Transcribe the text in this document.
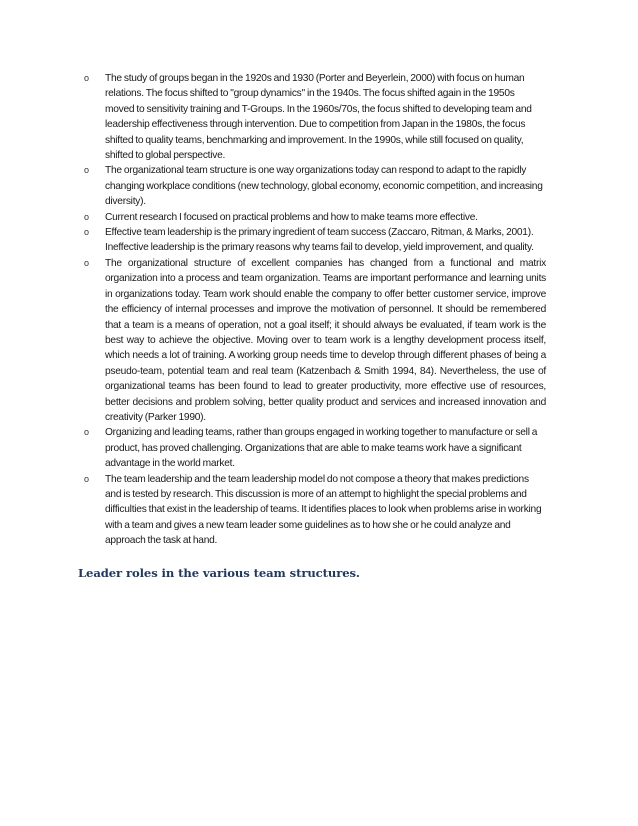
o The study of groups began in the 1920s and 1930 (Porter and Beyerlein, 2000) with focus on human relations. The focus shifted to "group dynamics" in the 1940s. The focus shifted again in the 1950s moved to sensitivity training and T-Groups. In the 1960s/70s, the focus shifted to developing team and leadership effectiveness through intervention. Due to competition from Japan in the 1980s, the focus shifted to quality teams, benchmarking and improvement. In the 1990s, while still focused on quality, shifted to global perspective.
o The organizational team structure is one way organizations today can respond to adapt to the rapidly changing workplace conditions (new technology, global economy, economic competition, and increasing diversity).
o Current research I focused on practical problems and how to make teams more effective.
o Effective team leadership is the primary ingredient of team success (Zaccaro, Ritman, & Marks, 2001). Ineffective leadership is the primary reasons why teams fail to develop, yield improvement, and quality.
o The organizational structure of excellent companies has changed from a functional and matrix organization into a process and team organization. Teams are important performance and learning units in organizations today. Team work should enable the company to offer better customer service, improve the efficiency of internal processes and improve the motivation of personnel. It should be remembered that a team is a means of operation, not a goal itself; it should always be evaluated, if team work is the best way to achieve the objective. Moving over to team work is a lengthy development process itself, which needs a lot of training. A working group needs time to develop through different phases of being a pseudo-team, potential team and real team (Katzenbach & Smith 1994, 84). Nevertheless, the use of organizational teams has been found to lead to greater productivity, more effective use of resources, better decisions and problem solving, better quality product and services and increased innovation and creativity (Parker 1990).
o Organizing and leading teams, rather than groups engaged in working together to manufacture or sell a product, has proved challenging. Organizations that are able to make teams work have a significant advantage in the world market.
o The team leadership and the team leadership model do not compose a theory that makes predictions and is tested by research. This discussion is more of an attempt to highlight the special problems and difficulties that exist in the leadership of teams. It identifies places to look when problems arise in working with a team and gives a new team leader some guidelines as to how she or he could analyze and approach the task at hand.
Leader roles in the various team structures.
